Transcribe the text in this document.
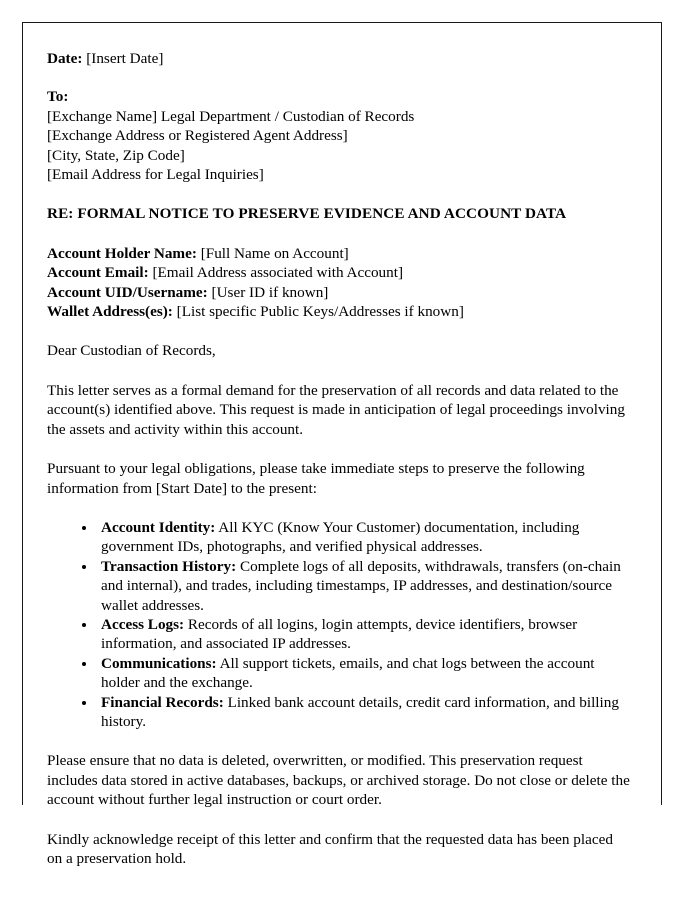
Date: [Insert Date]
To:
[Exchange Name] Legal Department / Custodian of Records
[Exchange Address or Registered Agent Address]
[City, State, Zip Code]
[Email Address for Legal Inquiries]
RE: FORMAL NOTICE TO PRESERVE EVIDENCE AND ACCOUNT DATA
Account Holder Name: [Full Name on Account]
Account Email: [Email Address associated with Account]
Account UID/Username: [User ID if known]
Wallet Address(es): [List specific Public Keys/Addresses if known]

Dear Custodian of Records,

This letter serves as a formal demand for the preservation of all records and data related to the account(s) identified above. This request is made in anticipation of legal proceedings involving the assets and activity within this account.

Pursuant to your legal obligations, please take immediate steps to preserve the following information from [Start Date] to the present:

Account Identity: All KYC (Know Your Customer) documentation, including government IDs, photographs, and verified physical addresses.
Transaction History: Complete logs of all deposits, withdrawals, transfers (on-chain and internal), and trades, including timestamps, IP addresses, and destination/source wallet addresses.
Access Logs: Records of all logins, login attempts, device identifiers, browser information, and associated IP addresses.
Communications: All support tickets, emails, and chat logs between the account holder and the exchange.
Financial Records: Linked bank account details, credit card information, and billing history.

Please ensure that no data is deleted, overwritten, or modified. This preservation request includes data stored in active databases, backups, or archived storage. Do not close or delete the account without further legal instruction or court order.

Kindly acknowledge receipt of this letter and confirm that the requested data has been placed on a preservation hold.
